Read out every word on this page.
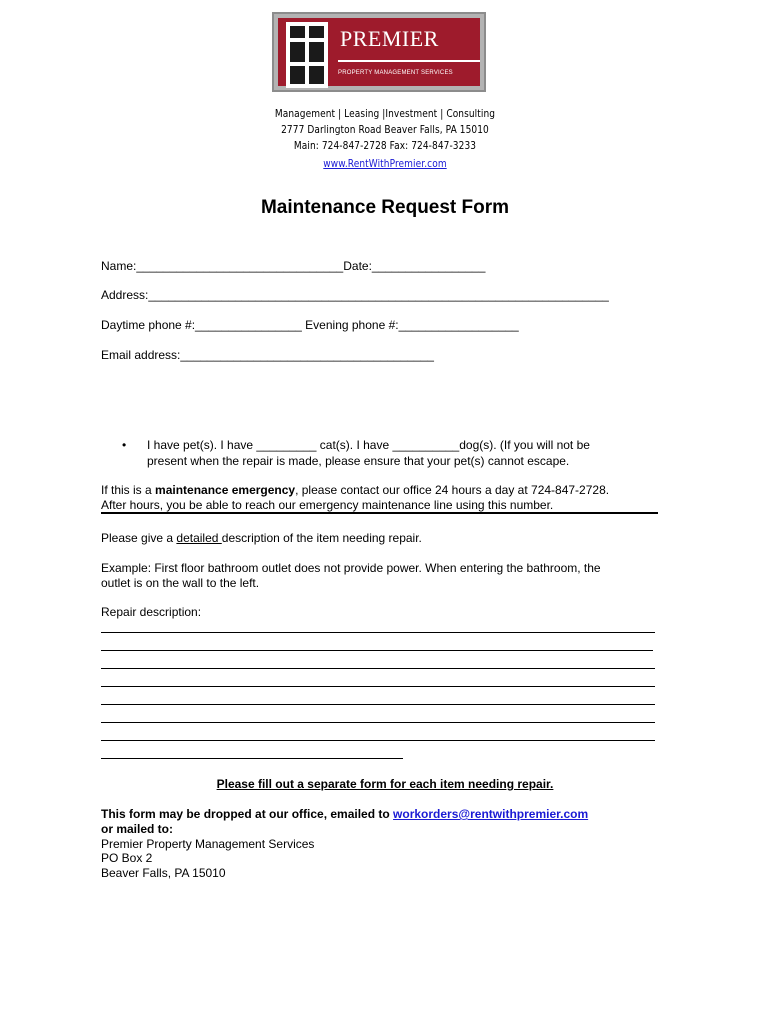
PREMIER
PROPERTY MANAGEMENT SERVICES
Management | Leasing |Investment | Consulting
2777 Darlington Road Beaver Falls, PA 15010
Main: 724-847-2728 Fax: 724-847-3233
www.RentWithPremier.com
Maintenance Request Form
Name:_______________________________Date:_________________
Address:_____________________________________________________________________
Daytime phone #:________________ Evening phone #:__________________
Email address:______________________________________
• I have pet(s). I have _________ cat(s). I have __________dog(s). (If you will not be
present when the repair is made, please ensure that your pet(s) cannot escape.
If this is a maintenance emergency, please contact our office 24 hours a day at 724-847-2728.
After hours, you be able to reach our emergency maintenance line using this number.
Please give a detailed description of the item needing repair.
Example: First floor bathroom outlet does not provide power. When entering the bathroom, the
outlet is on the wall to the left.
Repair description:
Please fill out a separate form for each item needing repair.
This form may be dropped at our office, emailed to workorders@rentwithpremier.com
or mailed to:
Premier Property Management Services
PO Box 2
Beaver Falls, PA 15010
